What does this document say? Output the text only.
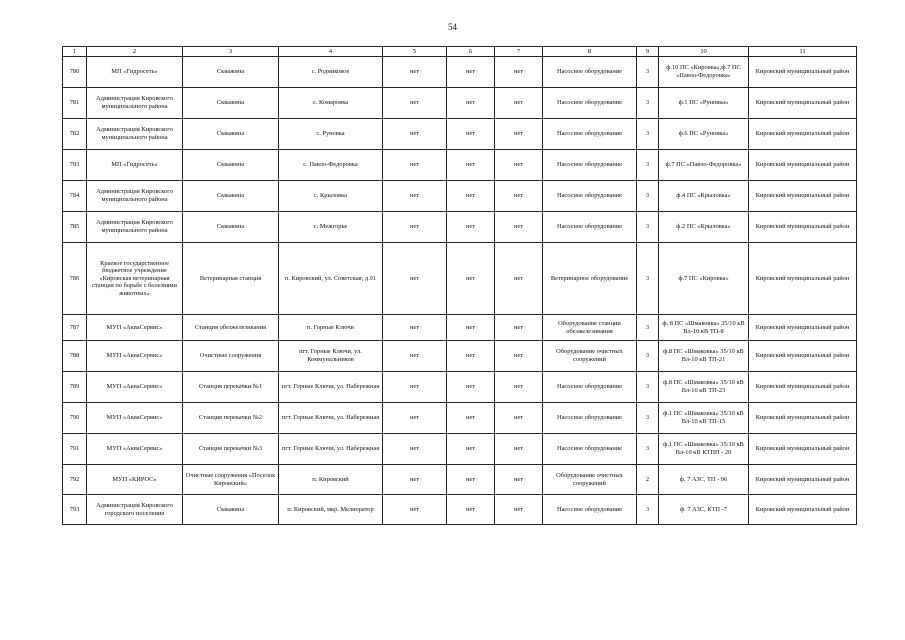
54
1	2	3	4	5	6	7	8	9	10	11
780	МП «Гидросеть»	Скважина	с. Родниковое	нет	нет	нет	Насосное оборудование	3	ф.10 ПС «Кировка»,ф.7 ПС «Павло-Федоровка»	Кировский муниципальный район
781	Администрация Кировского муниципального района	Скважина	с. Комаровка	нет	нет	нет	Насосное оборудование	3	ф.1 ПС «Руновка»	Кировский муниципальный район
782	Администрация Кировского муниципального района	Скважина	с. Руновка	нет	нет	нет	Насосное оборудование	3	ф.6 ПС «Руновка»	Кировский муниципальный район
783	МП «Гидросеть»	Скважина	с. Павло-Федоровка	нет	нет	нет	Насосное оборудование	3	ф.7 ПС «Павло-Федоровка»	Кировский муниципальный район
784	Администрация Кировского муниципального района	Скважина	с. Крыловка	нет	нет	нет	Насосное оборудование	3	ф.4 ПС «Крыловка»	Кировский муниципальный район
785	Администрация Кировского муниципального района	Скважина	с. Межгорье	нет	нет	нет	Насосное оборудование	3	ф.2 ПС «Крыловка»	Кировский муниципальный район
786	Краевое государственное бюджетное учреждение «Кировская ветеринарная станция по борьбе с болезнями животных»	Ветеринарная станция	п. Кировский, ул. Советская, д.91	нет	нет	нет	Ветеринарное оборудование	3	ф.7 ПС «Кировка»	Кировский муниципальный район
787	МУП «АкваСервис»	Станция обезжелезивания	п. Горные Ключи	нет	нет	нет	Оборудование станции обезжелезивания	3	ф. 8 ПС «Шмаковка» 35/10 кВ Вл-10 кВ ТП-8	Кировский муниципальный район
788	МУП «АкваСервис»	Очистные сооружения	пгт. Горные Ключи, ул. Коммунальников	нет	нет	нет	Оборудование очистных сооружений	3	ф.8 ПС «Шмаковка» 35/10 кВ Вл-10 кВ ТП-21	Кировский муниципальный район
789	МУП «АкваСервис»	Станция перекачки №1	пгт. Горные Ключи, ул. Набережная	нет	нет	нет	Насосное оборудование	3	ф.8 ПС «Шмаковка» 35/10 кВ Вл-10 кВ ТП-23	Кировский муниципальный район
790	МУП «АкваСервис»	Станция перекачки №2	пгт. Горные Ключи, ул. Набережная	нет	нет	нет	Насосное оборудование	3	ф.1 ПС «Шмаковка» 35/10 кВ Вл-10 кВ ТП-15	Кировский муниципальный район
791	МУП «АкваСервис»	Станция перекачки №3	пгт. Горные Ключи, ул. Набережная	нет	нет	нет	Насосное оборудование	3	ф.1 ПС «Шмаковка» 35/10 кВ Вл-10 кВ КТПН - 20	Кировский муниципальный район
792	МУП «КИРОС»	Очистные сооружения «Поселок Кировский»	п. Кировский	нет	нет	нет	Оборудование очистных сооружений	2	ф. 7 АЗС, ТП - 96	Кировский муниципальный район
793	Администрация Кировского городского поселения	Скважина	п. Кировский, мкр. Мелиоратор	нет	нет	нет	Насосное оборудование	3	ф. 7 АЗС, КТП -7	Кировский муниципальный район
